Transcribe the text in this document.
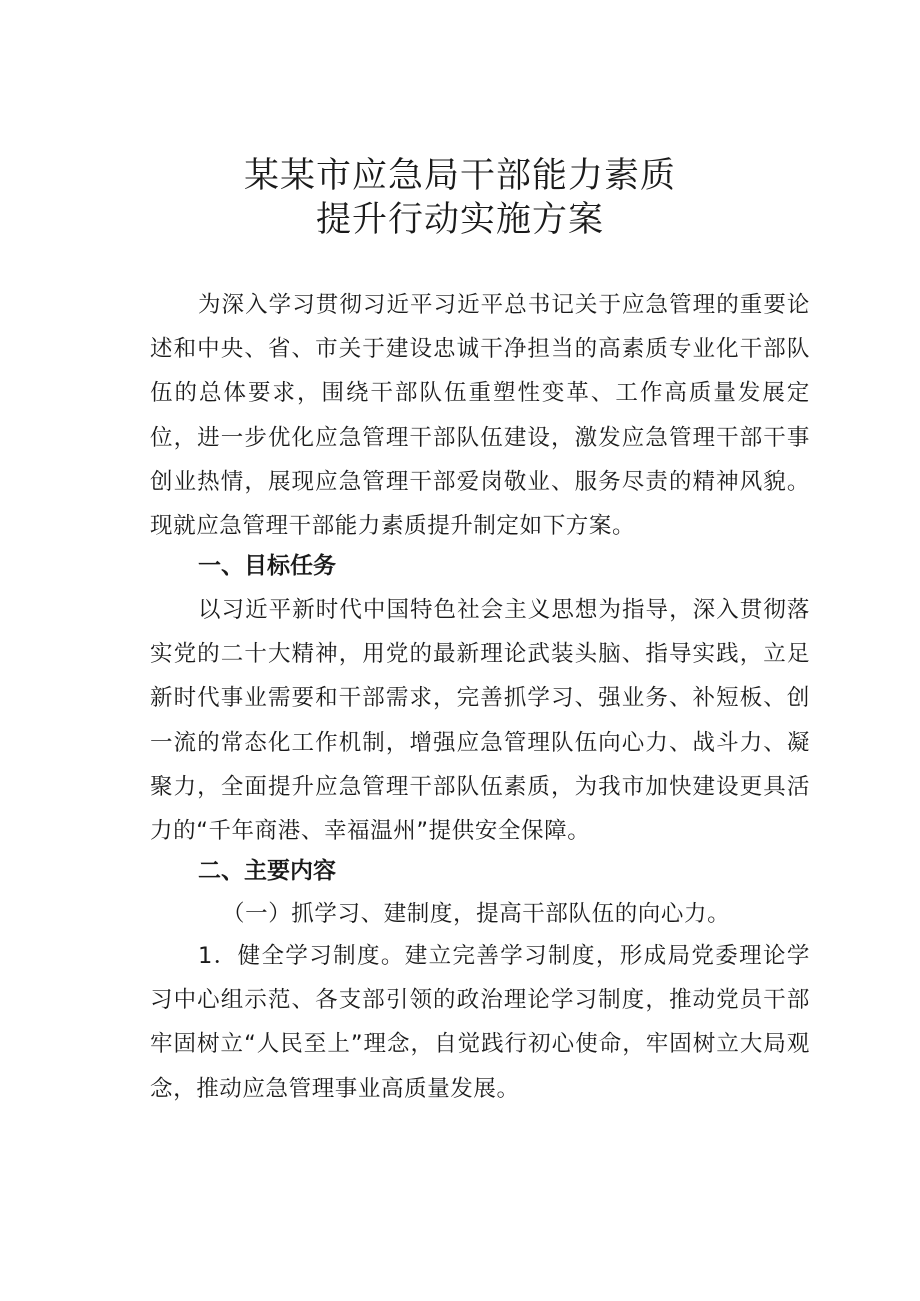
某某市应急局干部能力素质
提升行动实施方案

为深入学习贯彻习近平习近平总书记关于应急管理的重要论述和中央、省、市关于建设忠诚干净担当的高素质专业化干部队伍的总体要求，围绕干部队伍重塑性变革、工作高质量发展定位，进一步优化应急管理干部队伍建设，激发应急管理干部干事创业热情，展现应急管理干部爱岗敬业、服务尽责的精神风貌。现就应急管理干部能力素质提升制定如下方案。

一、目标任务

以习近平新时代中国特色社会主义思想为指导，深入贯彻落实党的二十大精神，用党的最新理论武装头脑、指导实践，立足新时代事业需要和干部需求，完善抓学习、强业务、补短板、创一流的常态化工作机制，增强应急管理队伍向心力、战斗力、凝聚力，全面提升应急管理干部队伍素质，为我市加快建设更具活力的“千年商港、幸福温州”提供安全保障。

二、主要内容

（一）抓学习、建制度，提高干部队伍的向心力。

1．健全学习制度。建立完善学习制度，形成局党委理论学习中心组示范、各支部引领的政治理论学习制度，推动党员干部牢固树立“人民至上”理念，自觉践行初心使命，牢固树立大局观念，推动应急管理事业高质量发展。
